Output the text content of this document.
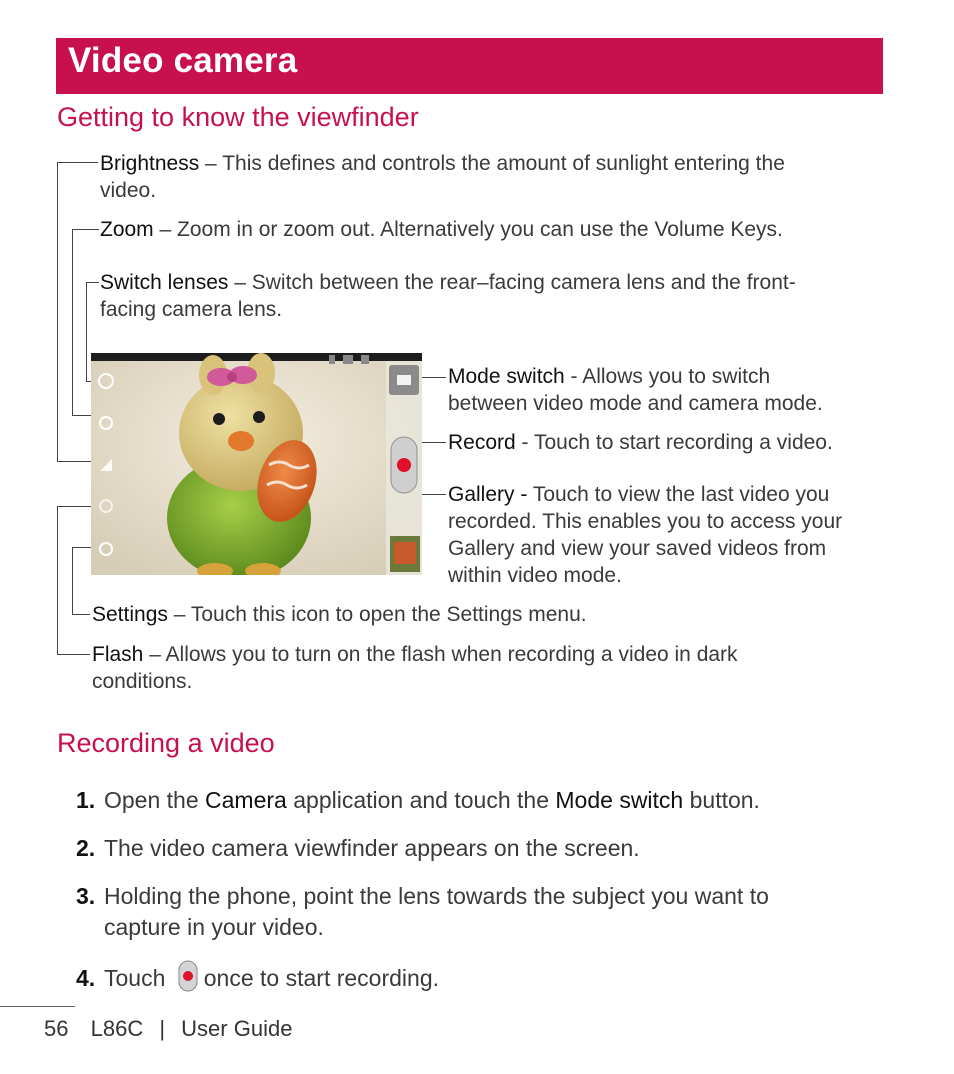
Video camera
Getting to know the viewfinder
Brightness – This defines and controls the amount of sunlight entering the
video.
Zoom – Zoom in or zoom out. Alternatively you can use the Volume Keys.
Switch lenses – Switch between the rear–facing camera lens and the front-
facing camera lens.
Mode switch - Allows you to switch
between video mode and camera mode.
Record - Touch to start recording a video.
Gallery - Touch to view the last video you
recorded. This enables you to access your
Gallery and view your saved videos from
within video mode.
Settings – Touch this icon to open the Settings menu.
Flash – Allows you to turn on the flash when recording a video in dark
conditions.
Recording a video
1. Open the Camera application and touch the Mode switch button.
2. The video camera viewfinder appears on the screen.
3. Holding the phone, point the lens towards the subject you want to
capture in your video.
4. Touch once to start recording.
56 L86C | User Guide
